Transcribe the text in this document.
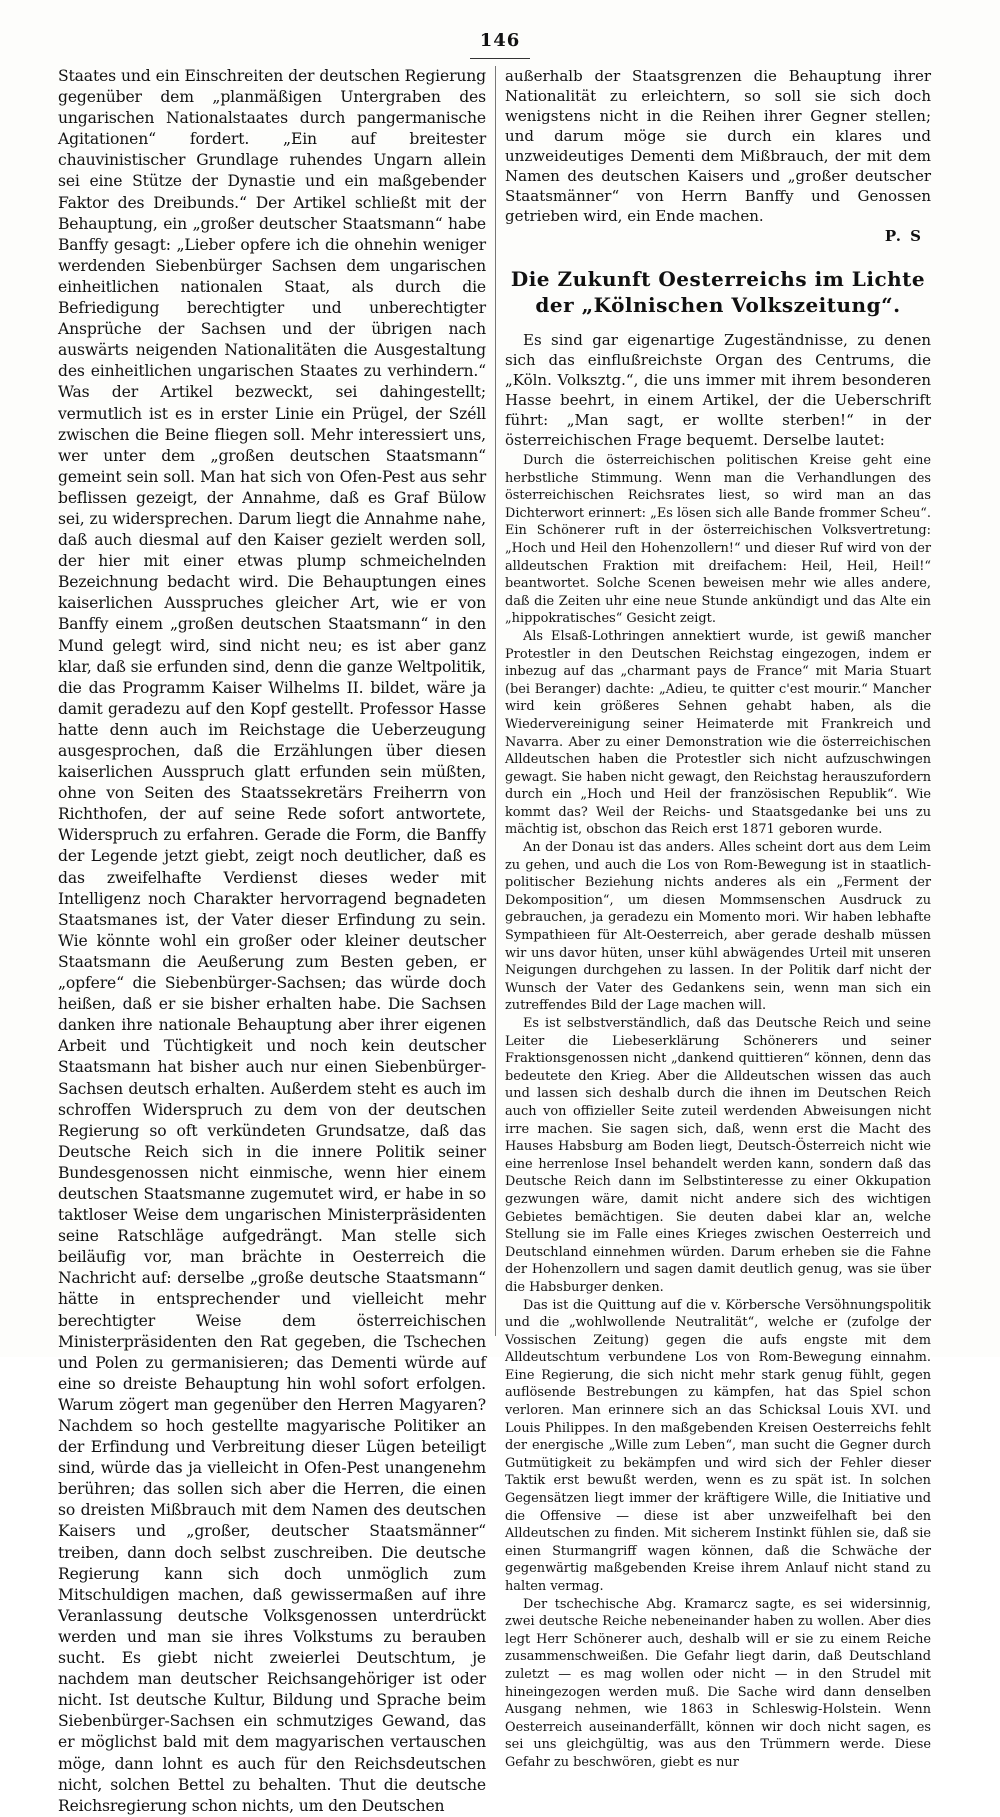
146

Staates und ein Einschreiten der deutschen Regierung gegenüber dem „planmäßigen Untergraben des ungarischen Nationalstaates durch pangermanische Agitationen“ fordert. „Ein auf breitester chauvinistischer Grundlage ruhendes Ungarn allein sei eine Stütze der Dynastie und ein maßgebender Faktor des Dreibunds.“ Der Artikel schließt mit der Behauptung, ein „großer deutscher Staatsmann“ habe Banffy gesagt: „Lieber opfere ich die ohnehin weniger werdenden Siebenbürger Sachsen dem ungarischen einheitlichen nationalen Staat, als durch die Befriedigung berechtigter und unberechtigter Ansprüche der Sachsen und der übrigen nach auswärts neigenden Nationalitäten die Ausgestaltung des einheitlichen ungarischen Staates zu verhindern.“ Was der Artikel bezweckt, sei dahingestellt; vermutlich ist es in erster Linie ein Prügel, der Széll zwischen die Beine fliegen soll. Mehr interessiert uns, wer unter dem „großen deutschen Staatsmann“ gemeint sein soll. Man hat sich von Ofen-Pest aus sehr beflissen gezeigt, der Annahme, daß es Graf Bülow sei, zu widersprechen. Darum liegt die Annahme nahe, daß auch diesmal auf den Kaiser gezielt werden soll, der hier mit einer etwas plump schmeichelnden Bezeichnung bedacht wird. Die Behauptungen eines kaiserlichen Ausspruches gleicher Art, wie er von Banffy einem „großen deutschen Staatsmann“ in den Mund gelegt wird, sind nicht neu; es ist aber ganz klar, daß sie erfunden sind, denn die ganze Weltpolitik, die das Programm Kaiser Wilhelms II. bildet, wäre ja damit geradezu auf den Kopf gestellt. Professor Hasse hatte denn auch im Reichstage die Ueberzeugung ausgesprochen, daß die Erzählungen über diesen kaiserlichen Ausspruch glatt erfunden sein müßten, ohne von Seiten des Staatssekretärs Freiherrn von Richthofen, der auf seine Rede sofort antwortete, Widerspruch zu erfahren. Gerade die Form, die Banffy der Legende jetzt giebt, zeigt noch deutlicher, daß es das zweifelhafte Verdienst dieses weder mit Intelligenz noch Charakter hervorragend begnadeten Staatsmanes ist, der Vater dieser Erfindung zu sein. Wie könnte wohl ein großer oder kleiner deutscher Staatsmann die Aeußerung zum Besten geben, er „opfere“ die Siebenbürger-Sachsen; das würde doch heißen, daß er sie bisher erhalten habe. Die Sachsen danken ihre nationale Behauptung aber ihrer eigenen Arbeit und Tüchtigkeit und noch kein deutscher Staatsmann hat bisher auch nur einen Siebenbürger-Sachsen deutsch erhalten. Außerdem steht es auch im schroffen Widerspruch zu dem von der deutschen Regierung so oft verkündeten Grundsatze, daß das Deutsche Reich sich in die innere Politik seiner Bundesgenossen nicht einmische, wenn hier einem deutschen Staatsmanne zugemutet wird, er habe in so taktloser Weise dem ungarischen Ministerpräsidenten seine Ratschläge aufgedrängt. Man stelle sich beiläufig vor, man brächte in Oesterreich die Nachricht auf: derselbe „große deutsche Staatsmann“ hätte in entsprechender und vielleicht mehr berechtigter Weise dem österreichischen Ministerpräsidenten den Rat gegeben, die Tschechen und Polen zu germanisieren; das Dementi würde auf eine so dreiste Behauptung hin wohl sofort erfolgen. Warum zögert man gegenüber den Herren Magyaren? Nachdem so hoch gestellte magyarische Politiker an der Erfindung und Verbreitung dieser Lügen beteiligt sind, würde das ja vielleicht in Ofen-Pest unangenehm berühren; das sollen sich aber die Herren, die einen so dreisten Mißbrauch mit dem Namen des deutschen Kaisers und „großer, deutscher Staatsmänner“ treiben, dann doch selbst zuschreiben. Die deutsche Regierung kann sich doch unmöglich zum Mitschuldigen machen, daß gewissermaßen auf ihre Veranlassung deutsche Volksgenossen unterdrückt werden und man sie ihres Volkstums zu berauben sucht. Es giebt nicht zweierlei Deutschtum, je nachdem man deutscher Reichsangehöriger ist oder nicht. Ist deutsche Kultur, Bildung und Sprache beim Siebenbürger-Sachsen ein schmutziges Gewand, das er möglichst bald mit dem magyarischen vertauschen möge, dann lohnt es auch für den Reichsdeutschen nicht, solchen Bettel zu behalten. Thut die deutsche Reichsregierung schon nichts, um den Deutschen

außerhalb der Staatsgrenzen die Behauptung ihrer Nationalität zu erleichtern, so soll sie sich doch wenigstens nicht in die Reihen ihrer Gegner stellen; und darum möge sie durch ein klares und unzweideutiges Dementi dem Mißbrauch, der mit dem Namen des deutschen Kaisers und „großer deutscher Staatsmänner“ von Herrn Banffy und Genossen getrieben wird, ein Ende machen.

P. S

Die Zukunft Oesterreichs im Lichte der „Kölnischen Volkszeitung“.

Es sind gar eigenartige Zugeständnisse, zu denen sich das einflußreichste Organ des Centrums, die „Köln. Volksztg.“, die uns immer mit ihrem besonderen Hasse beehrt, in einem Artikel, der die Ueberschrift führt: „Man sagt, er wollte sterben!“ in der österreichischen Frage bequemt. Derselbe lautet:

Durch die österreichischen politischen Kreise geht eine herbstliche Stimmung. Wenn man die Verhandlungen des österreichischen Reichsrates liest, so wird man an das Dichterwort erinnert: „Es lösen sich alle Bande frommer Scheu“. Ein Schönerer ruft in der österreichischen Volksvertretung: „Hoch und Heil den Hohenzollern!“ und dieser Ruf wird von der alldeutschen Fraktion mit dreifachem: Heil, Heil, Heil!“ beantwortet. Solche Scenen beweisen mehr wie alles andere, daß die Zeiten uhr eine neue Stunde ankündigt und das Alte ein „hippokratisches“ Gesicht zeigt.

Als Elsaß-Lothringen annektiert wurde, ist gewiß mancher Protestler in den Deutschen Reichstag eingezogen, indem er inbezug auf das „charmant pays de France“ mit Maria Stuart (bei Beranger) dachte: „Adieu, te quitter c'est mourir.“ Mancher wird kein größeres Sehnen gehabt haben, als die Wiedervereinigung seiner Heimaterde mit Frankreich und Navarra. Aber zu einer Demonstration wie die österreichischen Alldeutschen haben die Protestler sich nicht aufzuschwingen gewagt. Sie haben nicht gewagt, den Reichstag herauszufordern durch ein „Hoch und Heil der französischen Republik“. Wie kommt das? Weil der Reichs- und Staatsgedanke bei uns zu mächtig ist, obschon das Reich erst 1871 geboren wurde.

An der Donau ist das anders. Alles scheint dort aus dem Leim zu gehen, und auch die Los von Rom-Bewegung ist in staatlich-politischer Beziehung nichts anderes als ein „Ferment der Dekomposition“, um diesen Mommsenschen Ausdruck zu gebrauchen, ja geradezu ein Momento mori. Wir haben lebhafte Sympathieen für Alt-Oesterreich, aber gerade deshalb müssen wir uns davor hüten, unser kühl abwägendes Urteil mit unseren Neigungen durchgehen zu lassen. In der Politik darf nicht der Wunsch der Vater des Gedankens sein, wenn man sich ein zutreffendes Bild der Lage machen will.

Es ist selbstverständlich, daß das Deutsche Reich und seine Leiter die Liebeserklärung Schönerers und seiner Fraktionsgenossen nicht „dankend quittieren“ können, denn das bedeutete den Krieg. Aber die Alldeutschen wissen das auch und lassen sich deshalb durch die ihnen im Deutschen Reich auch von offizieller Seite zuteil werdenden Abweisungen nicht irre machen. Sie sagen sich, daß, wenn erst die Macht des Hauses Habsburg am Boden liegt, Deutsch-Österreich nicht wie eine herrenlose Insel behandelt werden kann, sondern daß das Deutsche Reich dann im Selbstinteresse zu einer Okkupation gezwungen wäre, damit nicht andere sich des wichtigen Gebietes bemächtigen. Sie deuten dabei klar an, welche Stellung sie im Falle eines Krieges zwischen Oesterreich und Deutschland einnehmen würden. Darum erheben sie die Fahne der Hohenzollern und sagen damit deutlich genug, was sie über die Habsburger denken.

Das ist die Quittung auf die v. Körbersche Versöhnungspolitik und die „wohlwollende Neutralität“, welche er (zufolge der Vossischen Zeitung) gegen die aufs engste mit dem Alldeutschtum verbundene Los von Rom-Bewegung einnahm. Eine Regierung, die sich nicht mehr stark genug fühlt, gegen auflösende Bestrebungen zu kämpfen, hat das Spiel schon verloren. Man erinnere sich an das Schicksal Louis XVI. und Louis Philippes. In den maßgebenden Kreisen Oesterreichs fehlt der energische „Wille zum Leben“, man sucht die Gegner durch Gutmütigkeit zu bekämpfen und wird sich der Fehler dieser Taktik erst bewußt werden, wenn es zu spät ist. In solchen Gegensätzen liegt immer der kräftigere Wille, die Initiative und die Offensive — diese ist aber unzweifelhaft bei den Alldeutschen zu finden. Mit sicherem Instinkt fühlen sie, daß sie einen Sturmangriff wagen können, daß die Schwäche der gegenwärtig maßgebenden Kreise ihrem Anlauf nicht stand zu halten vermag.

Der tschechische Abg. Kramarcz sagte, es sei widersinnig, zwei deutsche Reiche nebeneinander haben zu wollen. Aber dies legt Herr Schönerer auch, deshalb will er sie zu einem Reiche zusammenschweißen. Die Gefahr liegt darin, daß Deutschland zuletzt — es mag wollen oder nicht — in den Strudel mit hineingezogen werden muß. Die Sache wird dann denselben Ausgang nehmen, wie 1863 in Schleswig-Holstein. Wenn Oesterreich auseinanderfällt, können wir doch nicht sagen, es sei uns gleichgültig, was aus den Trümmern werde. Diese Gefahr zu beschwören, giebt es nur
